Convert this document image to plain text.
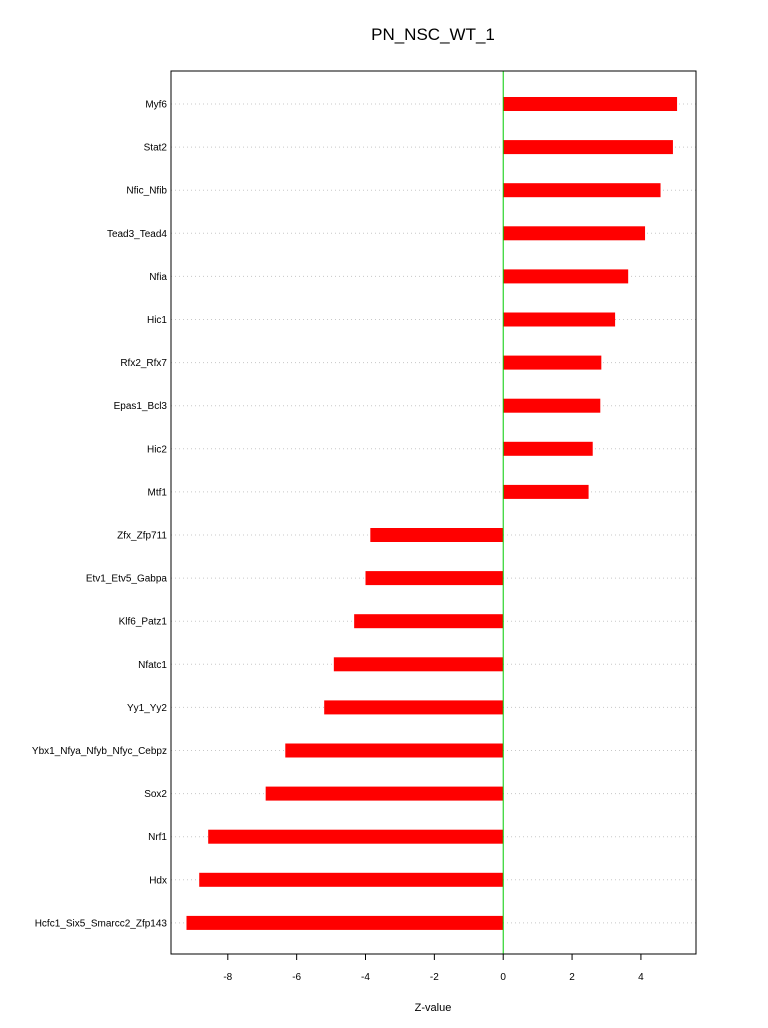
PN_NSC_WT_1
Myf6
Stat2
Nfic_Nfib
Tead3_Tead4
Nfia
Hic1
Rfx2_Rfx7
Epas1_Bcl3
Hic2
Mtf1
Zfx_Zfp711
Etv1_Etv5_Gabpa
Klf6_Patz1
Nfatc1
Yy1_Yy2
Ybx1_Nfya_Nfyb_Nfyc_Cebpz
Sox2
Nrf1
Hdx
Hcfc1_Six5_Smarcc2_Zfp143
-8	-6	-4	-2	0	2	4
Z-value
